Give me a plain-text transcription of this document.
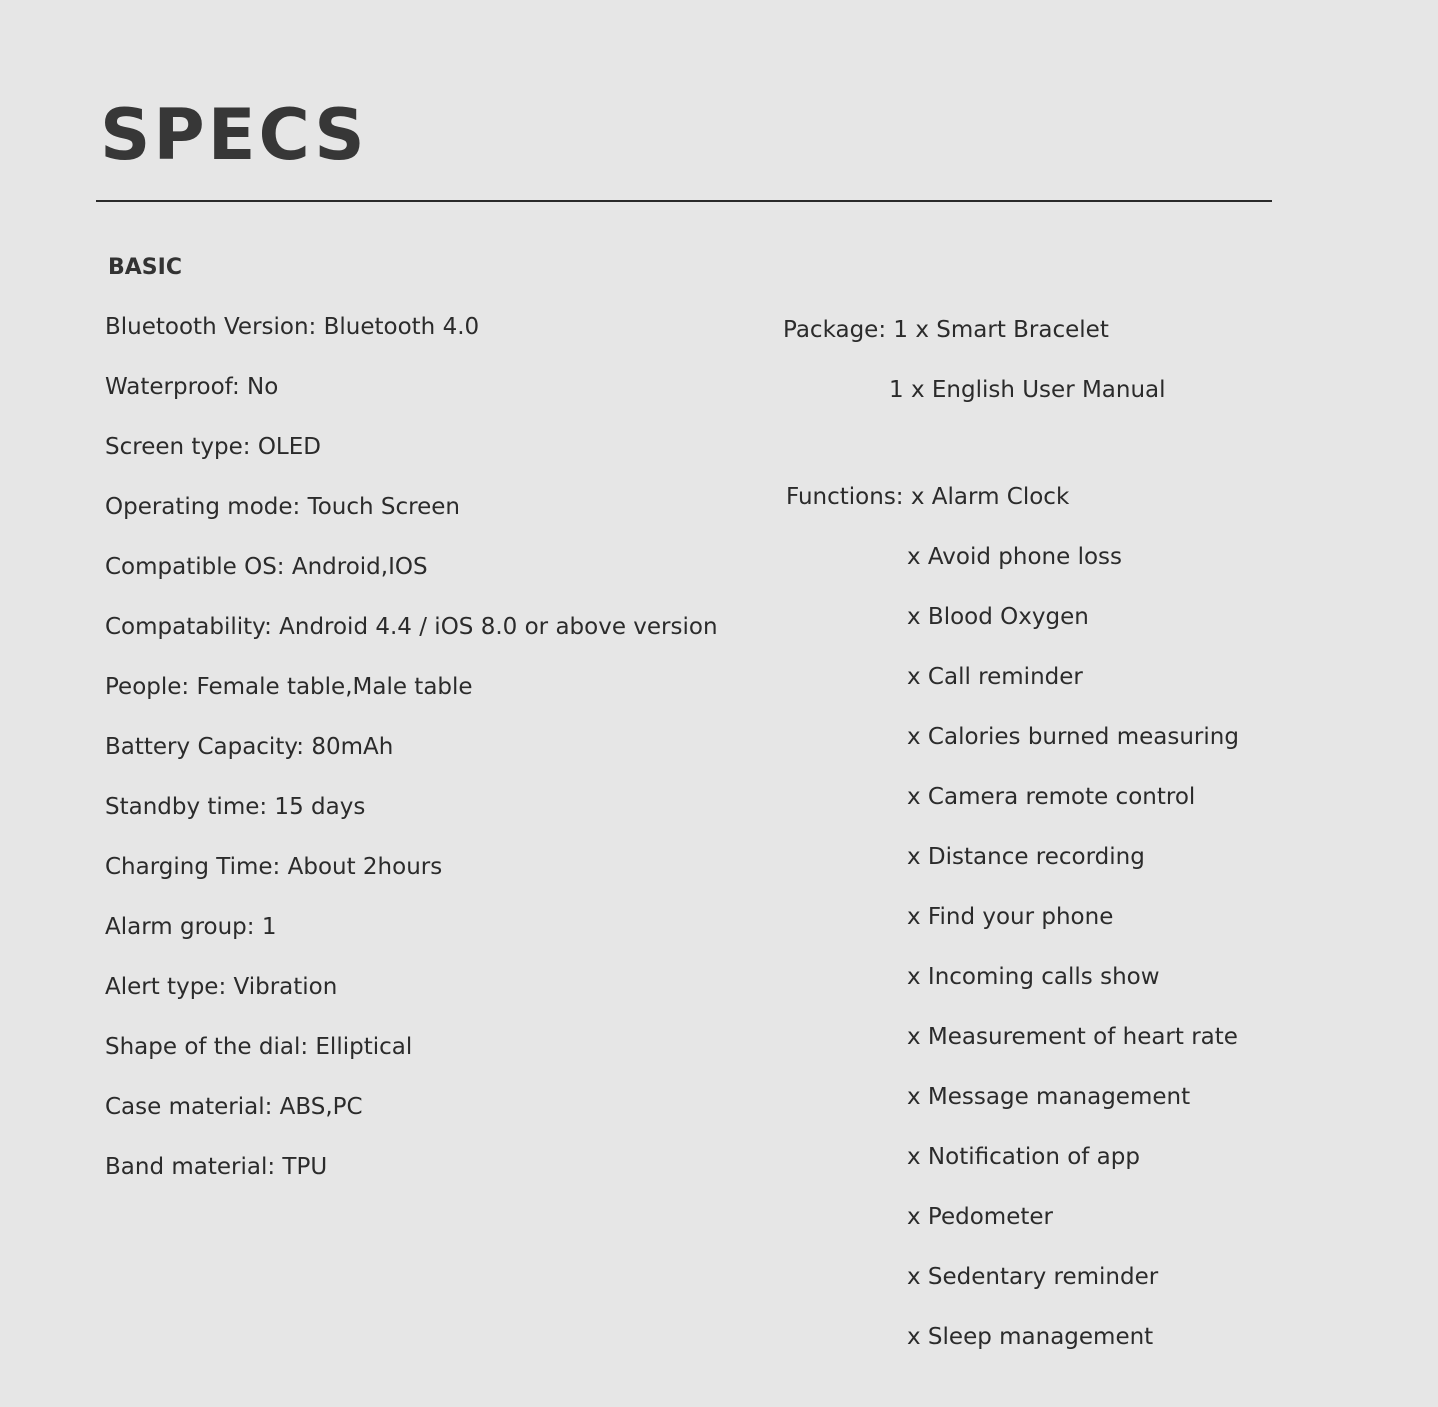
SPECS
BASIC
Bluetooth Version: Bluetooth 4.0
Waterproof: No
Screen type: OLED
Operating mode: Touch Screen
Compatible OS: Android,IOS
Compatability: Android 4.4 / iOS 8.0 or above version
People: Female table,Male table
Battery Capacity: 80mAh
Standby time: 15 days
Charging Time: About 2hours
Alarm group: 1
Alert type: Vibration
Shape of the dial: Elliptical
Case material: ABS,PC
Band material: TPU
Package: 1 x Smart Bracelet
1 x English User Manual
Functions: x Alarm Clock
x Avoid phone loss
x Blood Oxygen
x Call reminder
x Calories burned measuring
x Camera remote control
x Distance recording
x Find your phone
x Incoming calls show
x Measurement of heart rate
x Message management
x Notification of app
x Pedometer
x Sedentary reminder
x Sleep management
